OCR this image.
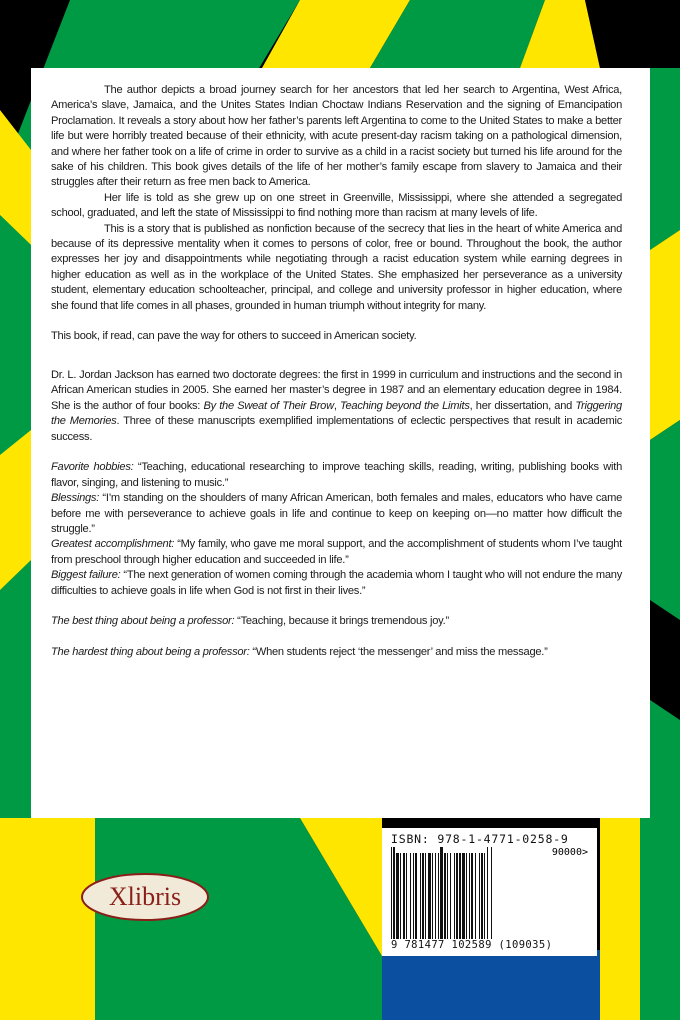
The author depicts a broad journey search for her ancestors that led her search to Argentina, West Africa, America’s slave, Jamaica, and the Unites States Indian Choctaw Indians Reservation and the signing of Emancipation Proclamation. It reveals a story about how her father’s parents left Argentina to come to the United States to make a better life but were horribly treated because of their ethnicity, with acute present-day racism taking on a pathological dimension, and where her father took on a life of crime in order to survive as a child in a racist society but turned his life around for the sake of his children. This book gives details of the life of her mother’s family escape from slavery to Jamaica and their struggles after their return as free men back to America.

Her life is told as she grew up on one street in Greenville, Mississippi, where she attended a segregated school, graduated, and left the state of Mississippi to find nothing more than racism at many levels of life.

This is a story that is published as nonfiction because of the secrecy that lies in the heart of white America and because of its depressive mentality when it comes to persons of color, free or bound. Throughout the book, the author expresses her joy and disappointments while negotiating through a racist education system while earning degrees in higher education as well as in the workplace of the United States. She emphasized her perseverance as a university student, elementary education schoolteacher, principal, and college and university professor in higher education, where she found that life comes in all phases, grounded in human triumph without integrity for many.

This book, if read, can pave the way for others to succeed in American society.

Dr. L. Jordan Jackson has earned two doctorate degrees: the first in 1999 in curriculum and instructions and the second in African American studies in 2005. She earned her master’s degree in 1987 and an elementary education degree in 1984. She is the author of four books: By the Sweat of Their Brow, Teaching beyond the Limits, her dissertation, and Triggering the Memories. Three of these manuscripts exemplified implementations of eclectic perspectives that result in academic success.

Favorite hobbies: “Teaching, educational researching to improve teaching skills, reading, writing, publishing books with flavor, singing, and listening to music.”

Blessings: “I’m standing on the shoulders of many African American, both females and males, educators who have came before me with perseverance to achieve goals in life and continue to keep on keeping on—no matter how difficult the struggle.”

Greatest accomplishment: “My family, who gave me moral support, and the accomplishment of students whom I’ve taught from preschool through higher education and succeeded in life.”

Biggest failure: “The next generation of women coming through the academia whom I taught who will not endure the many difficulties to achieve goals in life when God is not first in their lives.”

The best thing about being a professor: “Teaching, because it brings tremendous joy.”

The hardest thing about being a professor: “When students reject ‘the messenger’ and miss the message.”

Xlibris
ISBN: 978-1-4771-0258-9
90000>
9 781477 102589 (109035)
